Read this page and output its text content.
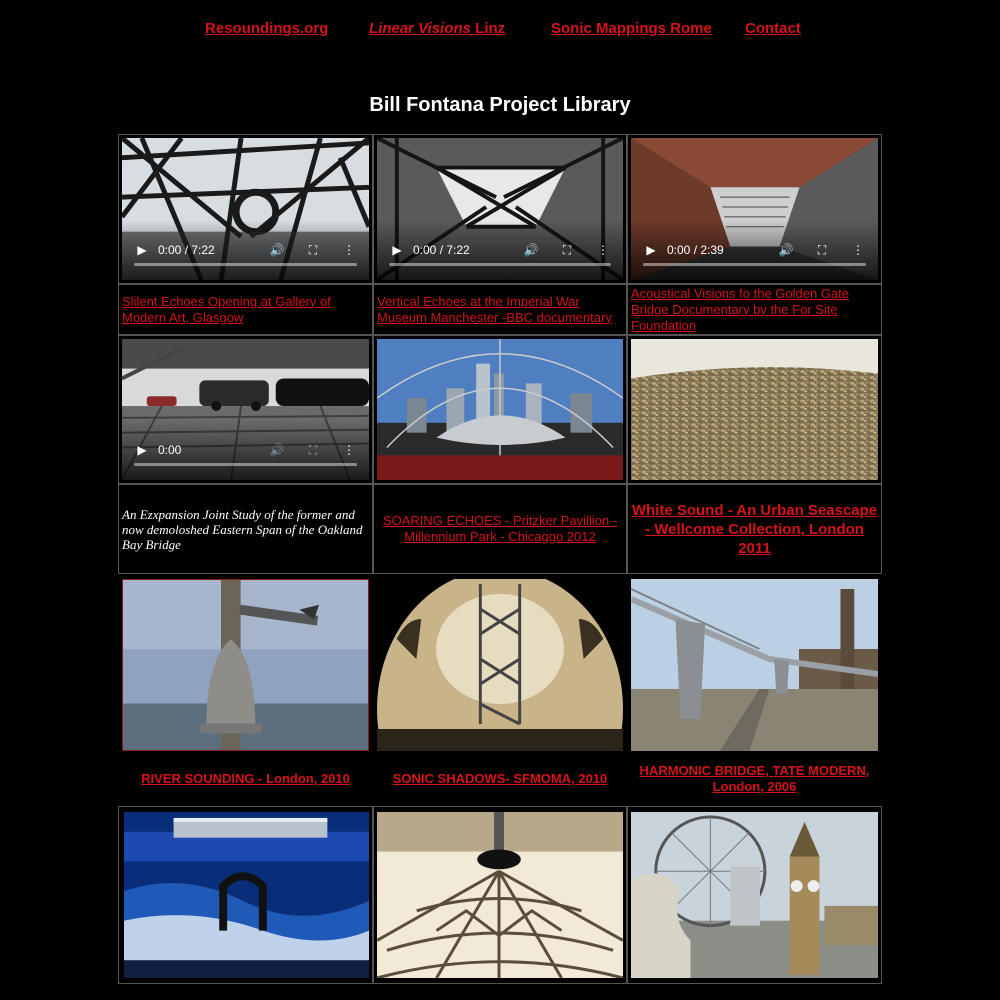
Resoundings.org	Linear Visions Linz	Sonic Mappings Rome Contact
Bill Fontana Project Library
▶ 0:00 / 7:22	🔊	⛶	⋮	▶ 0:00 / 7:22	🔊	⛶	⋮	▶ 0:00 / 2:39	🔊	⛶	⋮
Slilent Echoes Opening at Gallery of Modern Art, Glasgow
Vertical Echoes at the Imperial War Museum Manchester -BBC documentary
Acoustical Visions fo the Golden Gate Bridge Documentary by the For Site Foundation
▶ 0:00	🔊	⛶	⋮
An Ezxpansion Joint Study of the former and now demoloshed Eastern Span of the Oakland Bay Bridge
SOARING ECHOES - Pritzker Pavillion - Millennium Park - Chicaggo 2012
White Sound - An Urban Seascape - Wellcome Collection, London 2011
RIVER SOUNDING - London, 2010	SONIC SHADOWS- SFMOMA, 2010
HARMONIC BRIDGE, TATE MODERN, London, 2006
